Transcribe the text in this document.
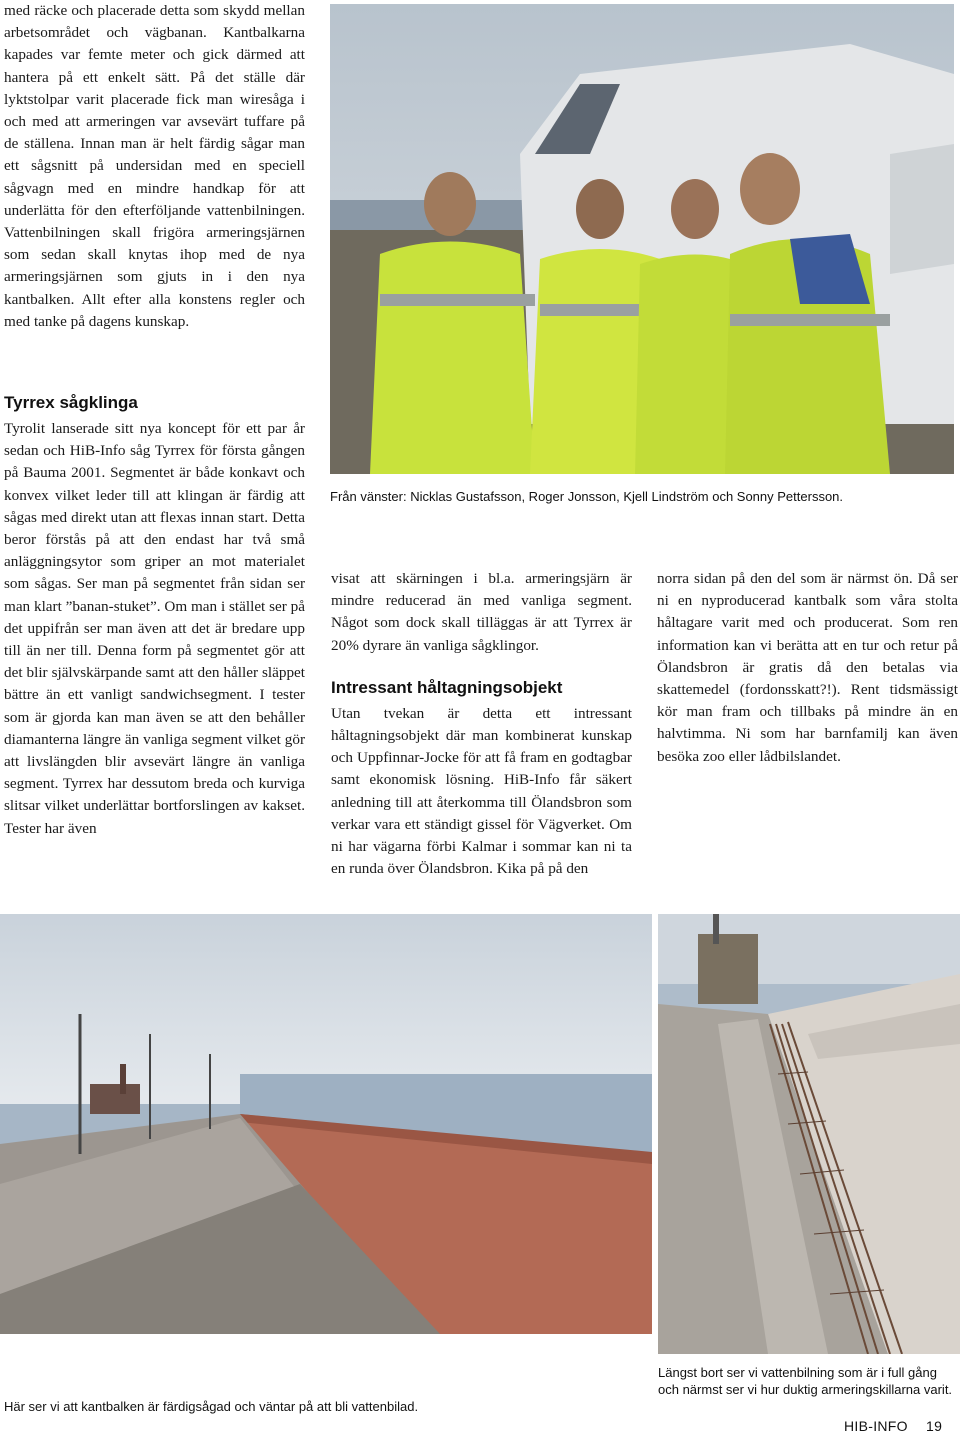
med räcke och placerade detta som skydd mellan arbetsområdet och vägbanan. Kantbalkarna kapades var femte meter och gick därmed att hantera på ett enkelt sätt. På det ställe där lyktstolpar varit placerade fick man wiresåga i och med att armeringen var avsevärt tuffare på de ställena. Innan man är helt färdig sågar man ett sågsnitt på undersidan med en speciell sågvagn med en mindre handkap för att underlätta för den efterföljande vattenbilningen. Vattenbilningen skall frigöra armeringsjärnen som sedan skall knytas ihop med de nya armeringsjärnen som gjuts in i den nya kantbalken. Allt efter alla konstens regler och med tanke på dagens kunskap.

Från vänster: Nicklas Gustafsson, Roger Jonsson, Kjell Lindström och Sonny Pettersson.
Tyrrex sågklinga

Tyrolit lanserade sitt nya koncept för ett par år sedan och HiB-Info såg Tyrrex för första gången på Bauma 2001. Segmentet är både konkavt och konvex vilket leder till att klingan är färdig att sågas med direkt utan att flexas innan start. Detta beror förstås på att den endast har två små anläggningsytor som griper an mot materialet som sågas. Ser man på segmentet från sidan ser man klart ”banan-stuket”. Om man i stället ser på det uppifrån ser man även att det är bredare upp till än ner till. Denna form på segmentet gör att det blir självskärpande samt att den håller släppet bättre än ett vanligt sandwichsegment. I tester som är gjorda kan man även se att den behåller diamanterna längre än vanliga segment vilket gör att livslängden blir avsevärt längre än vanliga segment. Tyrrex har dessutom breda och kurviga slitsar vilket underlättar bortforslingen av kakset. Tester har även

visat att skärningen i bl.a. armeringsjärn är mindre reducerad än med vanliga segment. Något som dock skall tilläggas är att Tyrrex är 20% dyrare än vanliga sågklingor.

Intressant håltagningsobjekt

Utan tvekan är detta ett intressant håltagningsobjekt där man kombinerat kunskap och Uppfinnar-Jocke för att få fram en godtagbar samt ekonomisk lösning. HiB-Info får säkert anledning till att återkomma till Ölandsbron som verkar vara ett ständigt gissel för Vägverket. Om ni har vägarna förbi Kalmar i sommar kan ni ta en runda över Ölandsbron. Kika på på den

norra sidan på den del som är närmst ön. Då ser ni en nyproducerad kantbalk som våra stolta håltagare varit med och producerat. Som ren information kan vi berätta att en tur och retur på Ölandsbron är gratis då den betalas via skattemedel (fordonsskatt?!). Rent tidsmässigt kör man fram och tillbaks på mindre än en halvtimma. Ni som har barnfamilj kan även besöka zoo eller lådbilslandet.

Här ser vi att kantbalken är färdigsågad och väntar på att bli vattenbilad.
Längst bort ser vi vattenbilning som är i full gång och närmst ser vi hur duktig armeringskillarna varit.
HIB-INFO 19
